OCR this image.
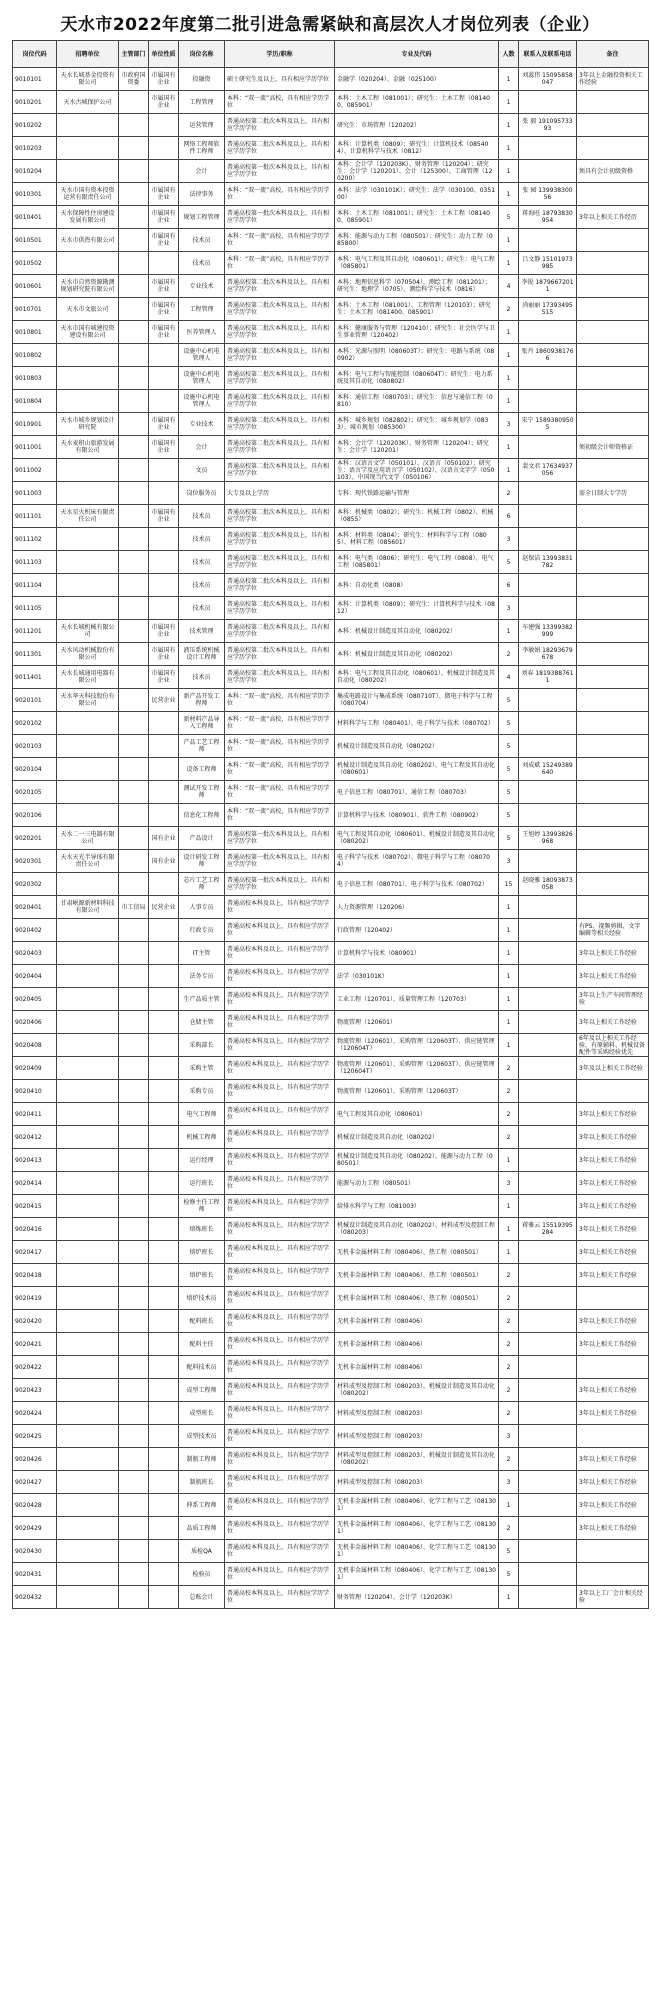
天水市2022年度第二批引进急需紧缺和高层次人才岗位列表（企业）
岗位代码	招聘单位	主管部门	单位性质	岗位名称	学历/职称	专业及代码	人数	联系人及联系电话	备注
9010101	天水长城基金投资有限公司	市政府国资委	市属国有企业	投融资	硕士研究生及以上，具有相应学历学位	金融学（020204）、金融（025100）	1	刘蕊伟 15095858047	3年以上金融投资相关工作经验
9010201	天水古城保护公司		市属国有企业	工程管理	本科：“双一流”高校，具有相应学历学位	本科：土木工程（081001）；研究生：土木工程（081400、085901）	1		
9010202				运营管理	普通高校第二批次本科及以上，具有相应学历学位	研究生：市场管理（120202）	1	张 毅 19109573393	
9010203				网络工程师软件工程师	普通高校第二批次本科及以上，具有相应学历学位	本科：计算机类（0809）；研究生：计算机技术（085404）、计算机科学与技术（0812）	1		
9010204				会计	普通高校第一批次本科及以上，具有相应学历学位	本科：会计学（120203K）、财务管理（120204）；研究生：会计学（120201）、会计（125300）、工商管理（120200）	1		须具有会计初级资格
9010301	天水市国有资本投资运营有限责任公司		市属国有企业	法律事务	本科：“双一流”高校，具有相应学历学位	本科：法学（030101K）；研究生：法学（030100、035100）	1	张 园 13993830056	
9010401	天水保障性住房建设发展有限公司		市属国有企业	规划工程管理	普通高校第一批次本科及以上，具有相应学历学位	本科：土木工程（081001）；研究生：土木工程（081400、085901）	5	蒋海旺 18793830954	3年以上相关工作经历
9010501	天水市供热有限公司		市属国有企业	技术员	本科：“双一流”高校，具有相应学历学位	本科：能源与动力工程（080501）；研究生：动力工程（085800）	1		
9010502				技术员	本科：“双一流”高校，具有相应学历学位	本科：电气工程及其自动化（080601）；研究生：电气工程（085801）	1	吕文静 15101973985	
9010601	天水市自然资源勘测规划研究院有限公司		市属国有企业	专业技术	普通高校第二批次本科及以上，具有相应学历学位	本科：地理信息科学（070504）、测绘工程（081201）；研究生：地理学（0705）、测绘科学与技术（0816）	4	李锐 18796672011	
9010701	天水市文旅公司		市属国有企业	工程管理	普通高校第二批次本科及以上，具有相应学历学位	本科：土木工程（081001）、工程管理（120103）；研究生：土木工程（081400、085901）	2	尚丽丽 17393495515	
9010801	天水市国有城建投资建设有限公司		市属国有企业	医养管理人	普通高校第二批次本科及以上，具有相应学历学位	本科：健康服务与管理（120410）；研究生：社会医学与卫生事业管理（120402）	1		
9010802				设施中心机电管理人	普通高校第二批次本科及以上，具有相应学历学位	本科：光源与照明（080603T）；研究生：电路与系统（080902）	1	张丹 18609381766	
9010803				设施中心机电管理人	普通高校第二批次本科及以上，具有相应学历学位	本科：电气工程与智能控制（080604T）；研究生：电力系统及其自动化（080802）	1		
9010804				设施中心机电管理人	普通高校第二批次本科及以上，具有相应学历学位	本科：通信工程（080703）；研究生：信息与通信工程（0810）	1		
9010901	天水市城乡规划设计研究院		市属国有企业	专业技术	普通高校第二批次本科及以上，具有相应学历学位	本科：城乡规划（082802）；研究生：城乡规划学（0833）、城市规划（085300）	3	宋宁 15893809505	
9011001	天水麦积山旅游发展有限公司		市属国有企业	会计	普通高校第二批次本科及以上，具有相应学历学位	本科：会计学（120203K）、财务管理（120204）；研究生：会计学（120201）	1		须初级会计师资格证
9011002				文员	普通高校第二批次本科及以上，具有相应学历学位	本科：汉语言文学（050101）、汉语言（050102）；研究生：语言学及应用语言学（050102）、汉语言文字学（050103）、中国现当代文学（050106）	1	裴文君 17634937056	
9011003				岗位服务员	大专及以上学历	专科：现代铁路运输与管理	2		需全日制大专学历
9011101	天水星火机床有限责任公司		市属国有企业	技术员	普通高校第二批次本科及以上，具有相应学历学位	本科：机械类（0802）；研究生：机械工程（0802）、机械（0855）	6		
9011102				技术员	普通高校第二批次本科及以上，具有相应学历学位	本科：材料类（0804）；研究生：材料科学与工程（0805）、材料工程（085601）	3		
9011103				技术员	普通高校第二批次本科及以上，具有相应学历学位	本科：电气类（0806）；研究生：电气工程（0808）、电气工程（085801）	5	赵保洁 13993831782	
9011104				技术员	普通高校第二批次本科及以上，具有相应学历学位	本科：自动化类（0808）	6		
9011105				技术员	普通高校第二批次本科及以上，具有相应学历学位	本科：计算机类（0809）；研究生：计算机科学与技术（0812）	3		
9011201	天水长城机械有限公司		市属国有企业	技术管理	普通高校第二批次本科及以上，具有相应学历学位	本科：机械设计制造及其自动化（080202）	1	车建强 13399382999	
9011301	天水风动机械股份有限公司		市属国有企业	液压系统机械设计工程师	普通高校第二批次本科及以上，具有相应学历学位	本科：机械设计制造及其自动化（080202）	2	李敏娟 18293679678	
9011401	天水长城通用电器有限公司		市属国有企业	技术员	普通高校第二批次本科及以上，具有相应学历学位	本科：电气工程及其自动化（080601）、机械设计制造及其自动化（080202）	4	刘春 18193887611	
9020101	天水华天科技股份有限公司		民营企业	新产品开发工程师	本科：“双一流”高校，具有相应学历学位	集成电路设计与集成系统（080710T）、微电子科学与工程（080704）	5		
9020102				新材料产品导入工程师	本科：“双一流”高校，具有相应学历学位	材料科学与工程（080401）、电子科学与技术（080702）	5		
9020103				产品工艺工程师	本科：“双一流”高校，具有相应学历学位	机械设计制造及其自动化（080202）	5		
9020104				设备工程师	本科：“双一流”高校，具有相应学历学位	机械设计制造及其自动化（080202）、电气工程及其自动化（080601）	5	刘成斌 15249389640	
9020105				测试开发工程师	本科：“双一流”高校，具有相应学历学位	电子信息工程（080701）、通信工程（080703）	5		
9020106				信息化工程师	本科：“双一流”高校，具有相应学历学位	计算机科学与技术（080901）、软件工程（080902）	5		
9020201	天水二一三电器有限公司		国有企业	产品设计	普通高校第一批次本科及以上，具有相应学历学位	电气工程及其自动化（080601）、机械设计制造及其自动化（080202）	5	王旭婷 13993826968	
9020301	天水天光半导体有限责任公司		国有企业	设计研发工程师	普通高校第一批次本科及以上，具有相应学历学位	电子科学与技术（080702）、微电子科学与工程（080704）	3		
9020302				芯片工艺工程师	普通高校第一批次本科及以上，具有相应学历学位	电子信息工程（080701）、电子科学与技术（080702）	15	赵晓雅 18093873058	
9020401	甘肃岷源新材料科技有限公司	市工信局	民营企业	人事专员	普通高校本科及以上，具有相应学历学位	人力资源管理（120206）	1		
9020402				行政专员	普通高校本科及以上，具有相应学历学位	行政管理（120402）	1		有PS、视频剪辑、文字编辑等相关经验
9020403				IT主管	普通高校本科及以上，具有相应学历学位	计算机科学与技术（080901）	1		3年以上相关工作经验
9020404				法务专员	普通高校本科及以上，具有相应学历学位	法学（030101K）	1		3年以上相关工作经验
9020405				生产品质主管	普通高校本科及以上，具有相应学历学位	工业工程（120701）、质量管理工程（120703）	1		3年以上生产车间管理经验
9020406				仓储主管	普通高校本科及以上，具有相应学历学位	物流管理（120601）	1		3年以上相关工作经验
9020408				采购部长	普通高校本科及以上，具有相应学历学位	物流管理（120601）、采购管理（120603T）、供应链管理（120604T）	1		6年及以上相关工作经验，有原辅料、机械设备配件等采购经验优先
9020409				采购主管	普通高校本科及以上，具有相应学历学位	物流管理（120601）、采购管理（120603T）、供应链管理（120604T）	2		3年及以上相关工作经验
9020410				采购专员	普通高校本科及以上，具有相应学历学位	物流管理（120601）、采购管理（120603T）	2		
9020411				电气工程师	普通高校本科及以上，具有相应学历学位	电气工程及其自动化（080601）	2		3年以上相关工作经验
9020412				机械工程师	普通高校本科及以上，具有相应学历学位	机械设计制造及其自动化（080202）	2		3年以上相关工作经验
9020413				运行经理	普通高校本科及以上，具有相应学历学位	机械设计制造及其自动化（080202）、能源与动力工程（080501）	1		3年以上相关工作经验
9020414				运行班长	普通高校本科及以上，具有相应学历学位	能源与动力工程（080501）	3		3年以上相关工作经验
9020415				检修主任工程师	普通高校本科及以上，具有相应学历学位	给排水科学与工程（081003）	1		3年以上相关工作经验
9020416				熔炼班长	普通高校本科及以上，具有相应学历学位	机械设计制造及其自动化（080202）、材料成型及控制工程（080203）	1	蒋雅云 15519395284	3年以上相关工作经验
9020417				熔炉班长	普通高校本科及以上，具有相应学历学位	无机非金属材料工程（080406）、热工程（080501）	1		3年以上相关工作经验
9020418				熔炉班长	普通高校本科及以上，具有相应学历学位	无机非金属材料工程（080406）、热工程（080501）	2		3年以上相关工作经验
9020419				熔炉技术员	普通高校本科及以上，具有相应学历学位	无机非金属材料工程（080406）、热工程（080501）	2		
9020420				配料班长	普通高校本科及以上，具有相应学历学位	无机非金属材料工程（080406）	2		3年以上相关工作经验
9020421				配料主任	普通高校本科及以上，具有相应学历学位	无机非金属材料工程（080406）	2		3年以上相关工作经验
9020422				配料技术员	普通高校本科及以上，具有相应学历学位	无机非金属材料工程（080406）	2		
9020423				成型工程师	普通高校本科及以上，具有相应学历学位	材料成型及控制工程（080203）、机械设计制造及其自动化（080202）	2		3年以上相关工作经验
9020424				成型班长	普通高校本科及以上，具有相应学历学位	材料成型及控制工程（080203）	2		3年以上相关工作经验
9020425				成型技术员	普通高校本科及以上，具有相应学历学位	材料成型及控制工程（080203）	3		
9020426				制瓶工程师	普通高校本科及以上，具有相应学历学位	材料成型及控制工程（080203）、机械设计制造及其自动化（080202）	2		3年以上相关工作经验
9020427				制瓶班长	普通高校本科及以上，具有相应学历学位	材料成型及控制工程（080203）	3		3年以上相关工作经验
9020428				伸系工程师	普通高校本科及以上，具有相应学历学位	无机非金属材料工程（080406）、化学工程与工艺（081301）	1		3年以上相关工作经验
9020429				品质工程师	普通高校本科及以上，具有相应学历学位	无机非金属材料工程（080406）、化学工程与工艺（081301）	2		3年以上相关工作经验
9020430				质检QA	普通高校本科及以上，具有相应学历学位	无机非金属材料工程（080406）、化学工程与工艺（081301）	5		
9020431				检验员	普通高校本科及以上，具有相应学历学位	无机非金属材料工程（080406）、化学工程与工艺（081301）	5		
9020432				总账会计	普通高校本科及以上，具有相应学历学位	财务管理（120204）、会计学（120203K）	1		3年以上工厂会计相关经验
